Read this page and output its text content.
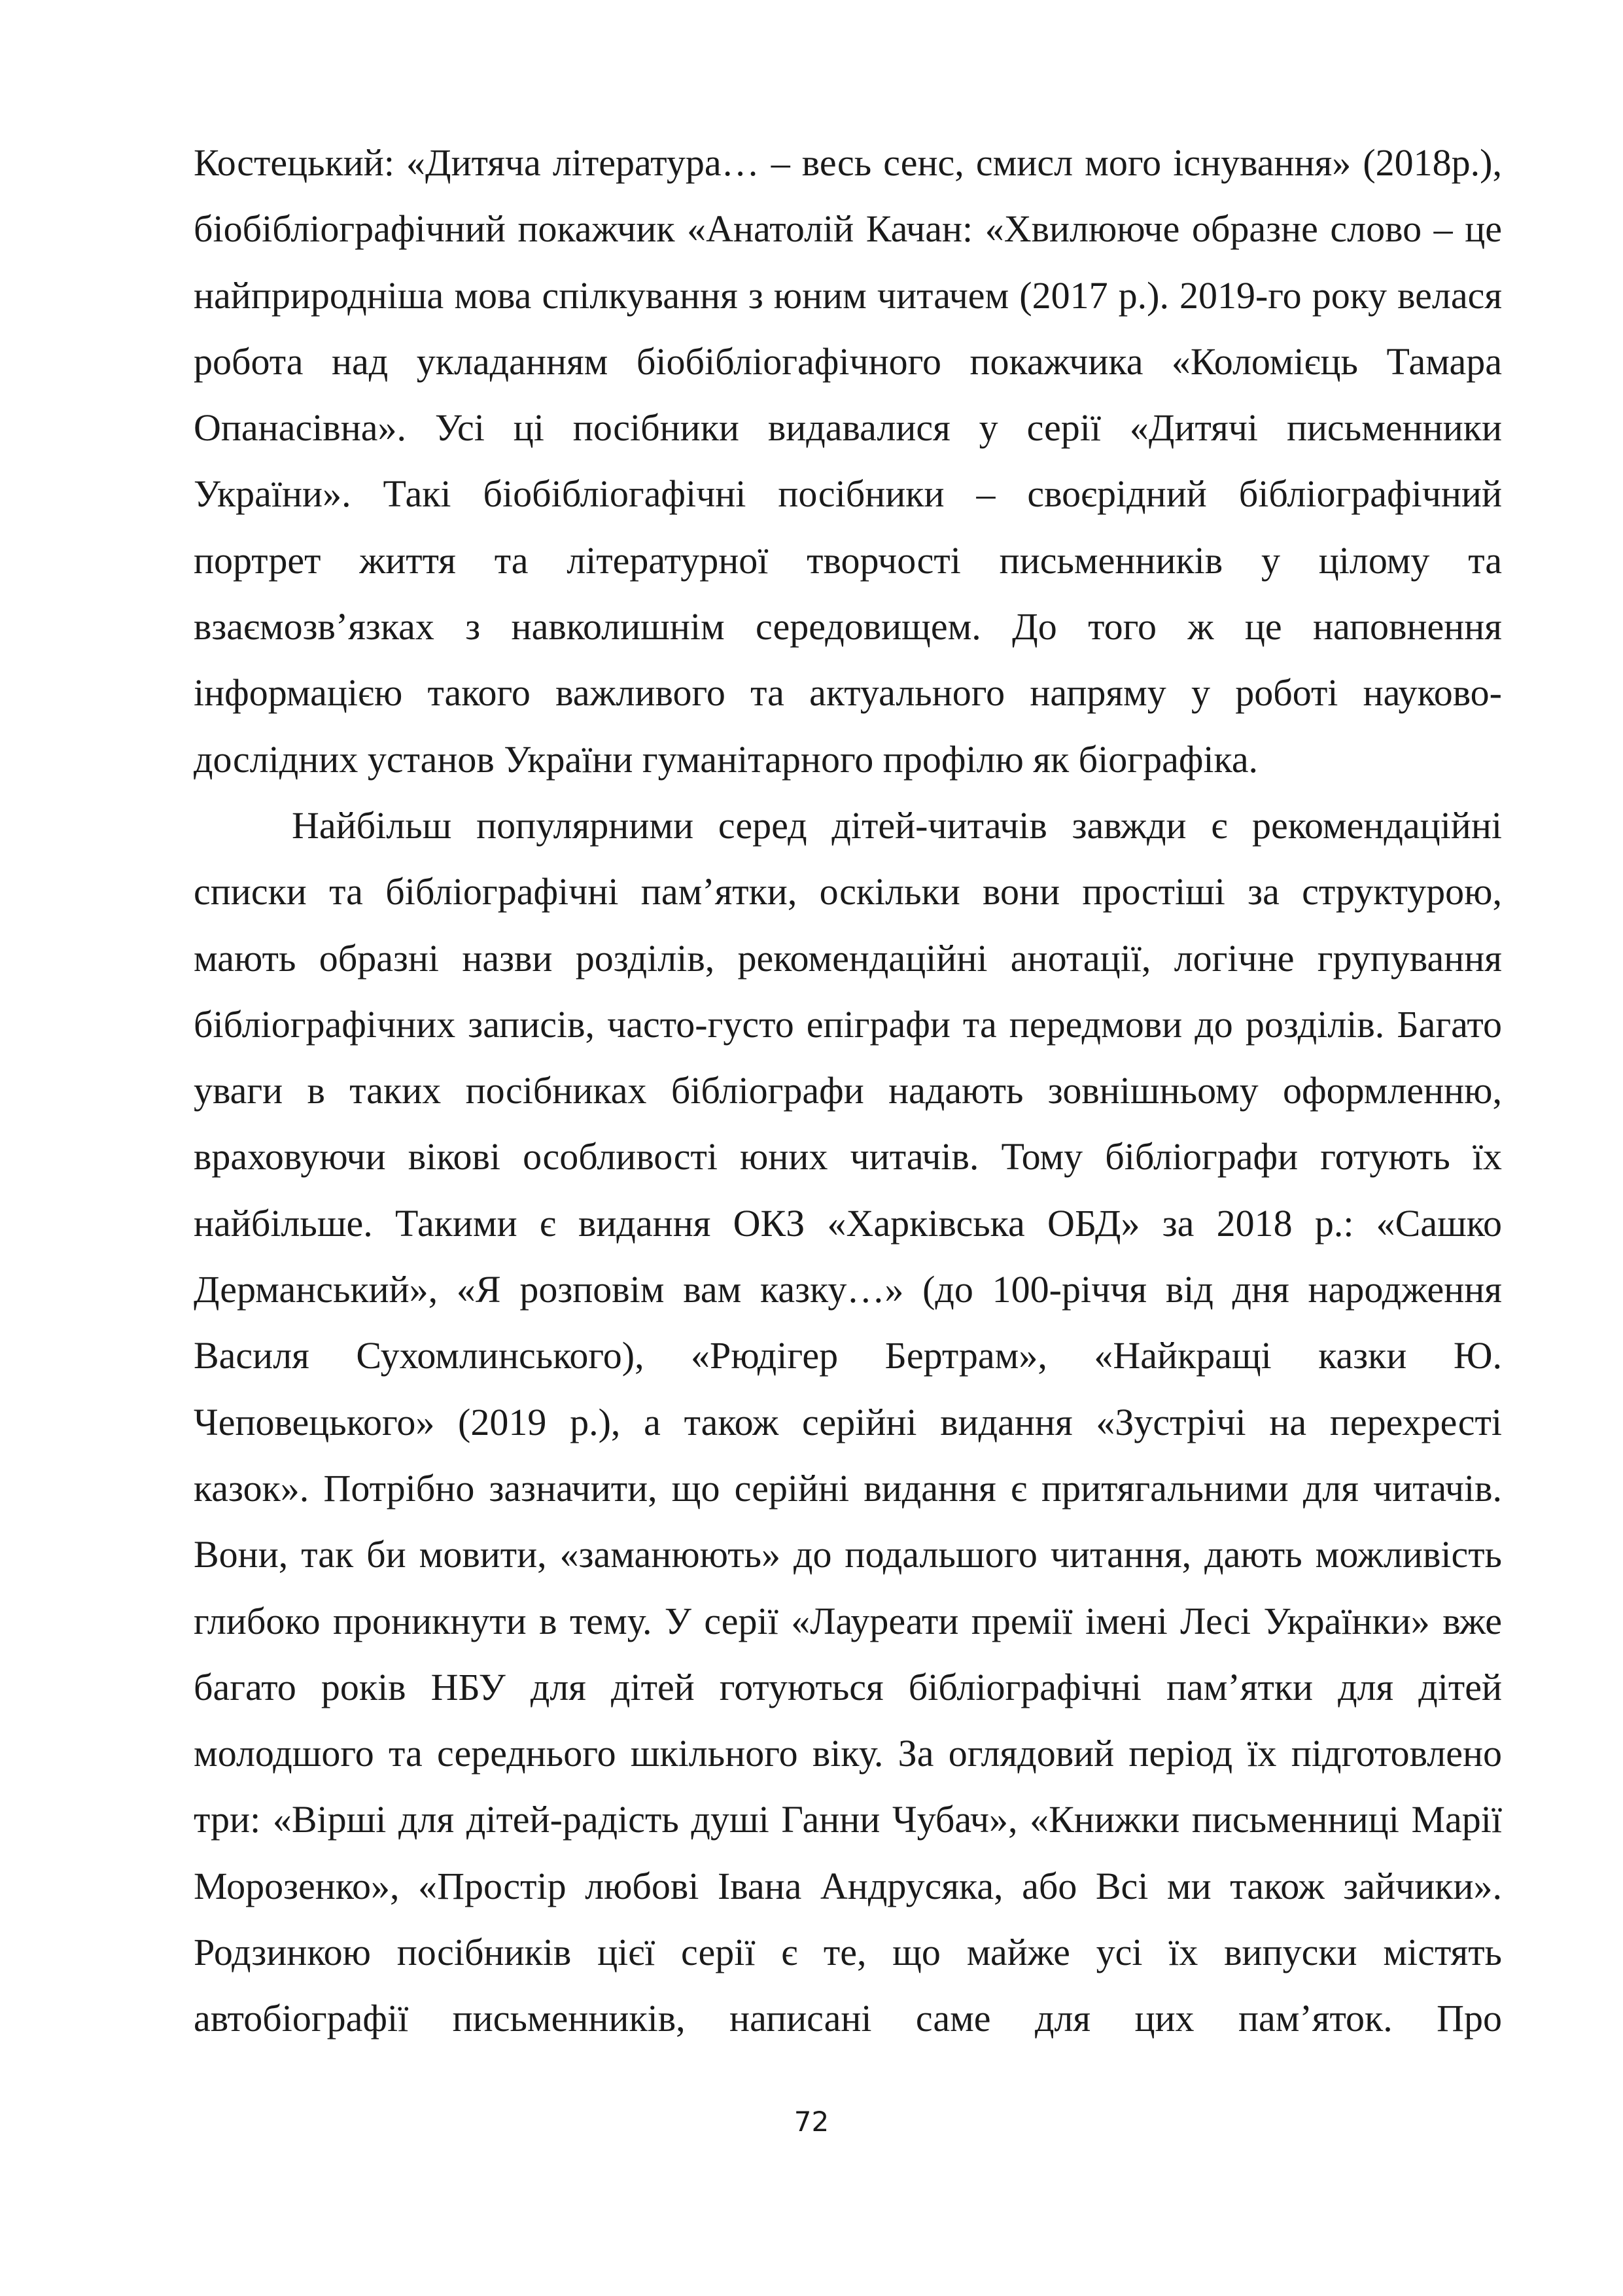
Костецький: «Дитяча література… – весь сенс, смисл мого існування» (2018р.),
біобібліографічний покажчик «Анатолій Качан: «Хвилююче образне слово – це
найприродніша мова спілкування з юним читачем (2017 р.). 2019-го року велася
робота над укладанням біобібліогафічного покажчика «Коломієць Тамара
Опанасівна». Усі ці посібники видавалися у серії «Дитячі письменники
України». Такі біобібліогафічні посібники – своєрідний бібліографічний
портрет життя та літературної творчості письменників у цілому та
взаємозв’язках з навколишнім середовищем. До того ж це наповнення
інформацією такого важливого та актуального напряму у роботі науково-
дослідних установ України гуманітарного профілю як біографіка.
Найбільш популярними серед дітей-читачів завжди є рекомендаційні
списки та бібліографічні пам’ятки, оскільки вони простіші за структурою,
мають образні назви розділів, рекомендаційні анотації, логічне групування
бібліографічних записів, часто-густо епіграфи та передмови до розділів. Багато
уваги в таких посібниках бібліографи надають зовнішньому оформленню,
враховуючи вікові особливості юних читачів. Тому бібліографи готують їх
найбільше. Такими є видання ОКЗ «Харківська ОБД» за 2018 р.: «Сашко
Дерманський», «Я розповім вам казку…» (до 100-річчя від дня народження
Василя Сухомлинського), «Рюдігер Бертрам», «Найкращі казки Ю.
Чеповецького» (2019 р.), а також серійні видання «Зустрічі на перехресті
казок». Потрібно зазначити, що серійні видання є притягальними для читачів.
Вони, так би мовити, «заманюють» до подальшого читання, дають можливість
глибоко проникнути в тему. У серії «Лауреати премії імені Лесі Українки» вже
багато років НБУ для дітей готуються бібліографічні пам’ятки для дітей
молодшого та середнього шкільного віку. За оглядовий період їх підготовлено
три: «Вірші для дітей-радість душі Ганни Чубач», «Книжки письменниці Марії
Морозенко», «Простір любові Івана Андрусяка, або Всі ми також зайчики».
Родзинкою посібників цієї серії є те, що майже усі їх випуски містять
автобіографії письменників, написані саме для цих пам’яток. Про
72
